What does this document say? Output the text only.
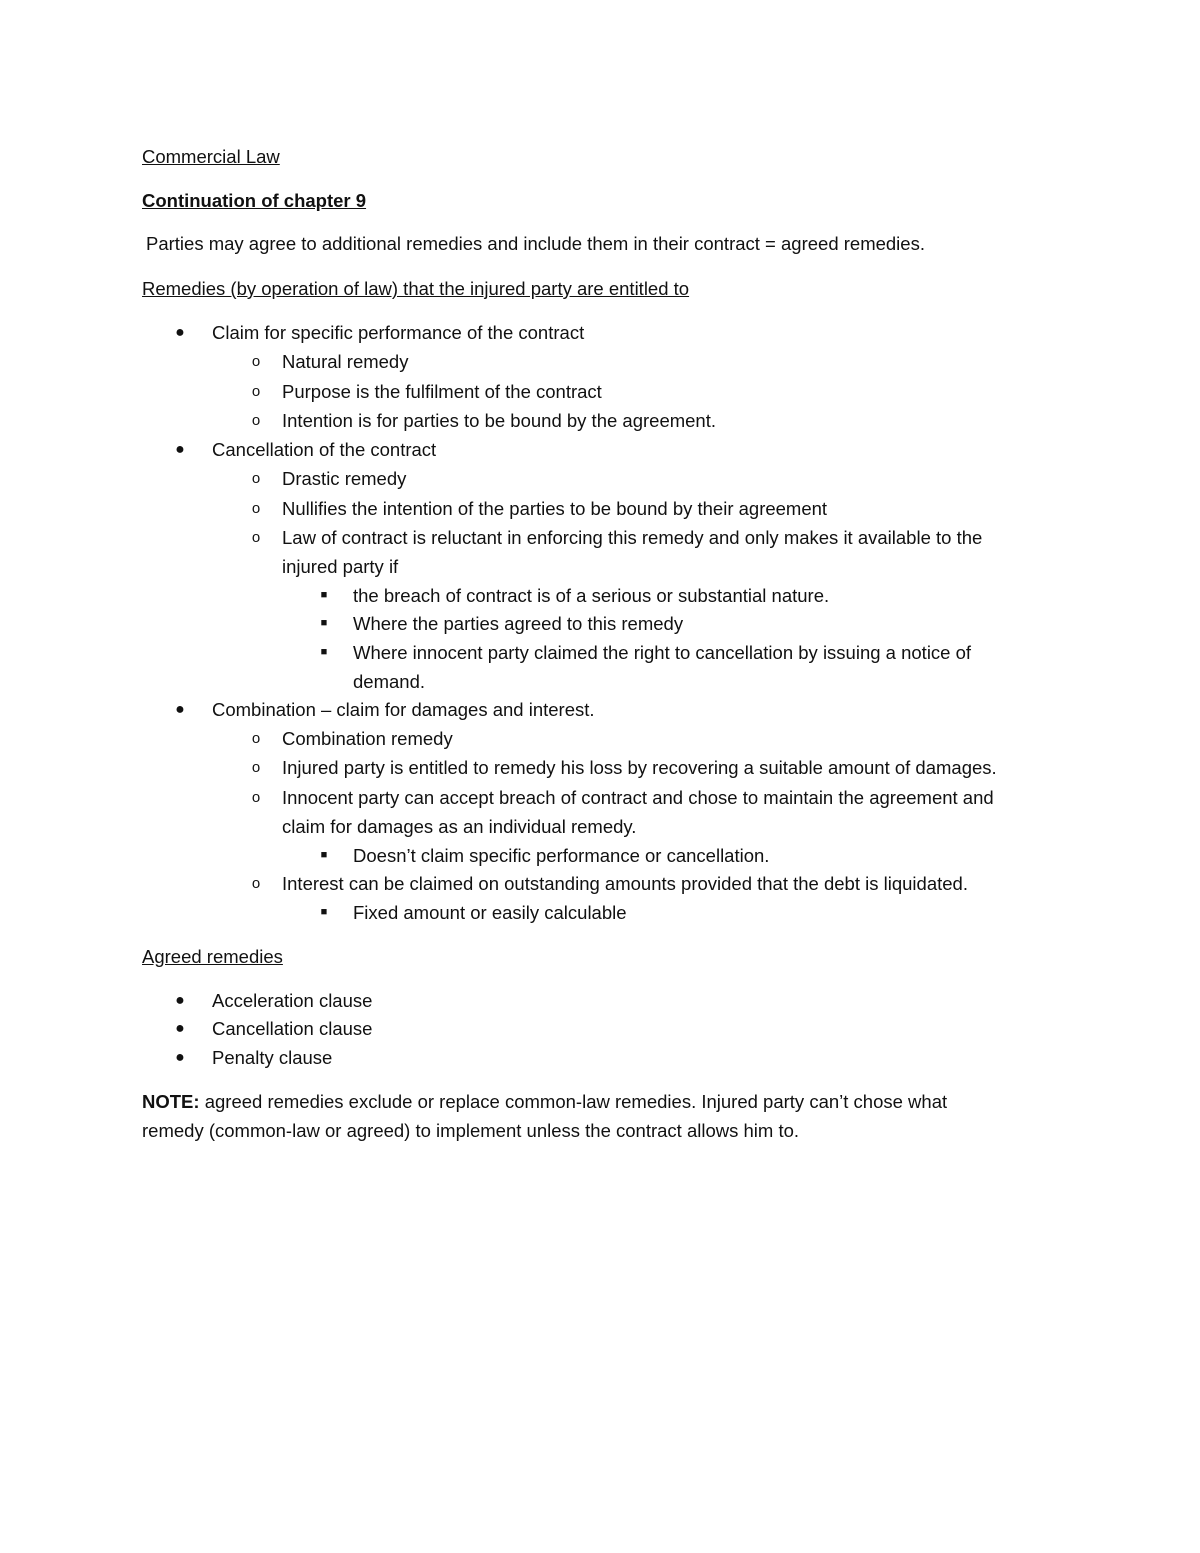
Commercial Law
Continuation of chapter 9
Parties may agree to additional remedies and include them in their contract = agreed remedies.
Remedies (by operation of law) that the injured party are entitled to
●	Claim for specific performance of the contract
o	Natural remedy
o	Purpose is the fulfilment of the contract
o	Intention is for parties to be bound by the agreement.
●	Cancellation of the contract
o	Drastic remedy
o	Nullifies the intention of the parties to be bound by their agreement
o	Law of contract is reluctant in enforcing this remedy and only makes it available to the
injured party if
■	the breach of contract is of a serious or substantial nature.
■	Where the parties agreed to this remedy
■	Where innocent party claimed the right to cancellation by issuing a notice of
demand.
●	Combination – claim for damages and interest.
o	Combination remedy
o	Injured party is entitled to remedy his loss by recovering a suitable amount of damages.
o	Innocent party can accept breach of contract and chose to maintain the agreement and
claim for damages as an individual remedy.
■	Doesn’t claim specific performance or cancellation.
o	Interest can be claimed on outstanding amounts provided that the debt is liquidated.
■	Fixed amount or easily calculable
Agreed remedies
●	Acceleration clause
●	Cancellation clause
●	Penalty clause
NOTE: agreed remedies exclude or replace common-law remedies. Injured party can’t chose what
remedy (common-law or agreed) to implement unless the contract allows him to.
